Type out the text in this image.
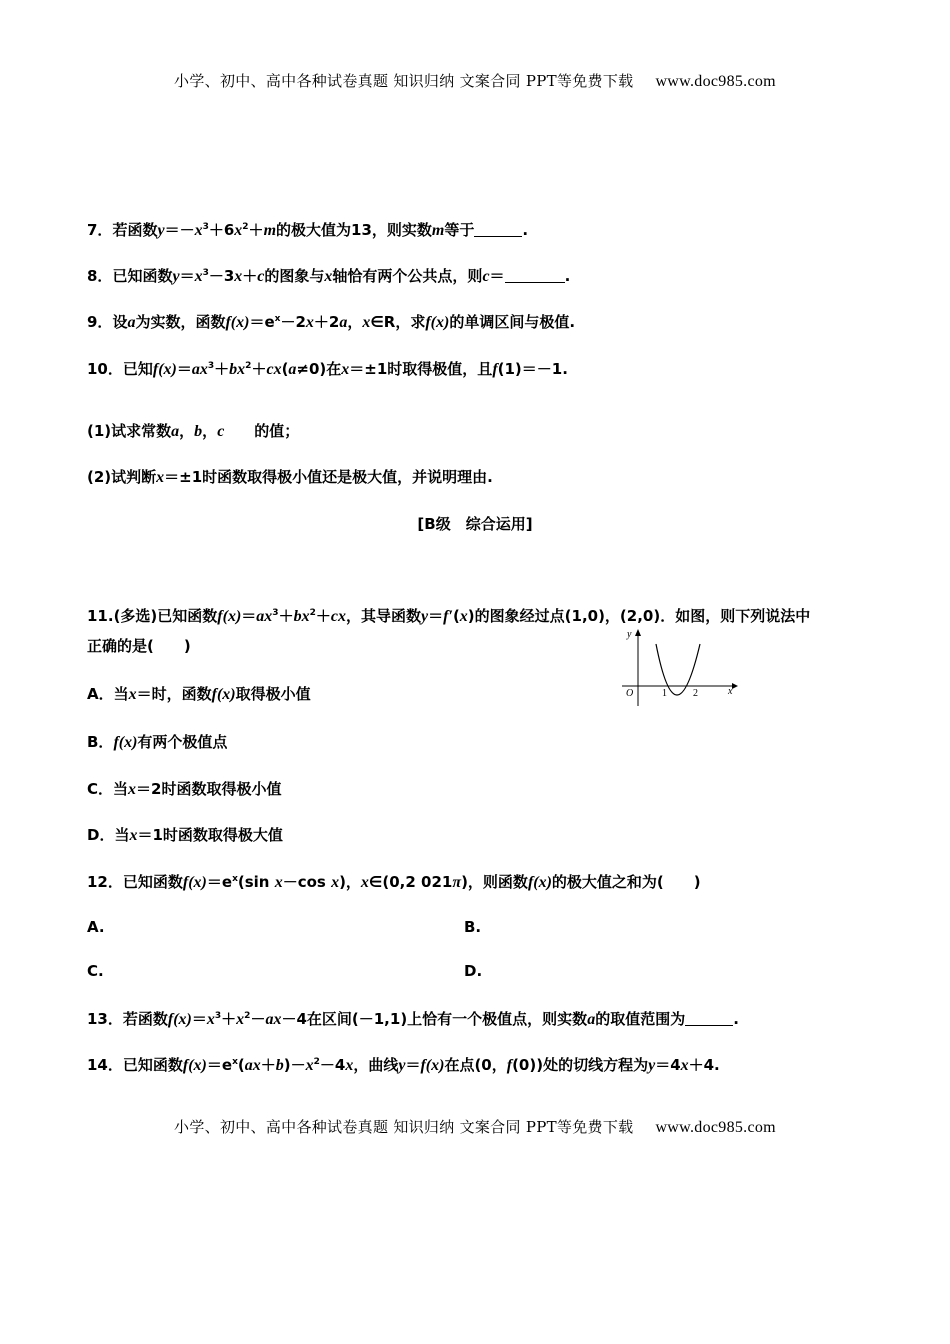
小学、初中、高中各种试卷真题 知识归纳 文案合同 PPT等免费下载 www.doc985.com
7．若函数$y=-x^3+6x^2+m$的极大值为13，则实数m等于	.
8．已知函数$y=x^3-3x+c$的图象与x轴恰有两个公共点，则c＝	.
9．设a为实数，函数$f(x)=e^x-2x+2a$，x∈R，求f(x)的单调区间与极值.
10．已知$f(x)=ax^3+bx^2+cx(a\ne 0)$在x＝±1时取得极值，且f(1)＝－1.
(1)试求常数a，b，c 的值；
(2)试判断x＝±1时函数取得极小值还是极大值，并说明理由.
[B级　综合运用]
11.(多选)已知函数$f(x)=ax^3+bx^2+cx$，其导函数y＝f′(x)的图象经过点(1,0)，(2,0)．如图，则下列说法中
正确的是(　　)
y
x
O	1	2
A．当x＝时，函数f(x)取得极小值
B．f(x)有两个极值点
C．当x＝2时函数取得极小值
D．当x＝1时函数取得极大值
12．已知函数$f(x)=e^x(\sin$ x－cos x)，x∈(0,2 021π)，则函数f(x)的极大值之和为(　　)
A.	B.
C.	D.
13．若函数$f(x)=x^3+x^2-ax-4$在区间(－1,1)上恰有一个极值点，则实数a的取值范围为	.
14．已知函数$f(x)=e^x(ax+b)-x^2-4x$，曲线y＝f(x)在点(0，f(0))处的切线方程为y＝4x＋4.
小学、初中、高中各种试卷真题 知识归纳 文案合同 PPT等免费下载 www.doc985.com
